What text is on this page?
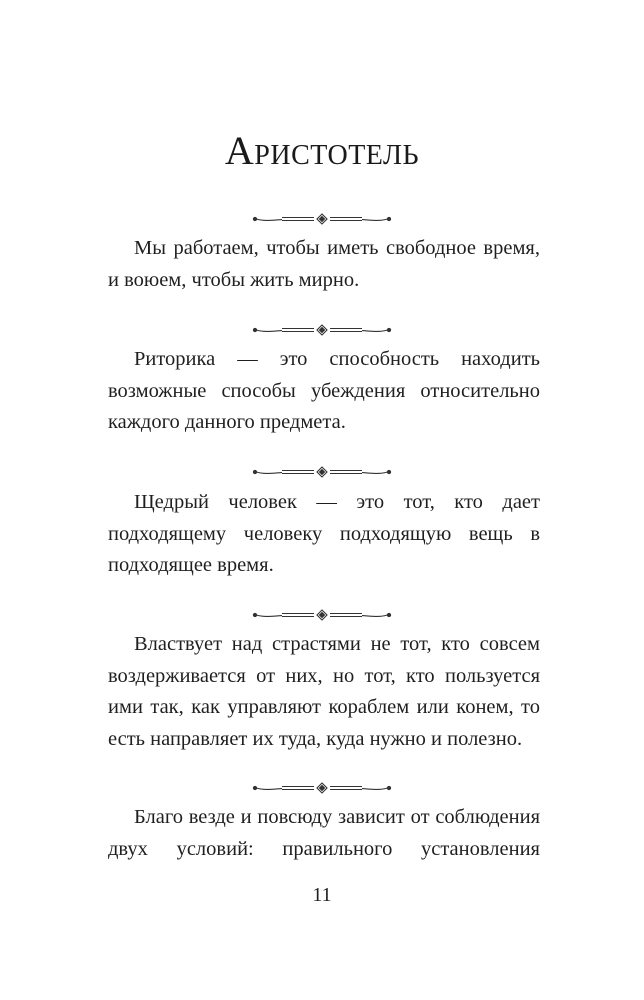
Аристотель

Мы работаем, чтобы иметь свободное время, и воюем, чтобы жить мирно.

Риторика — это способность находить возможные способы убеждения относительно каждого данного предмета.

Щедрый человек — это тот, кто дает подходящему человеку подходящую вещь в подходящее время.

Властвует над страстями не тот, кто совсем воздерживается от них, но тот, кто пользуется ими так, как управляют кораблем или конем, то есть направляет их туда, куда нужно и полезно.

Благо везде и повсюду зависит от соблюдения двух условий: правильного установления

11
